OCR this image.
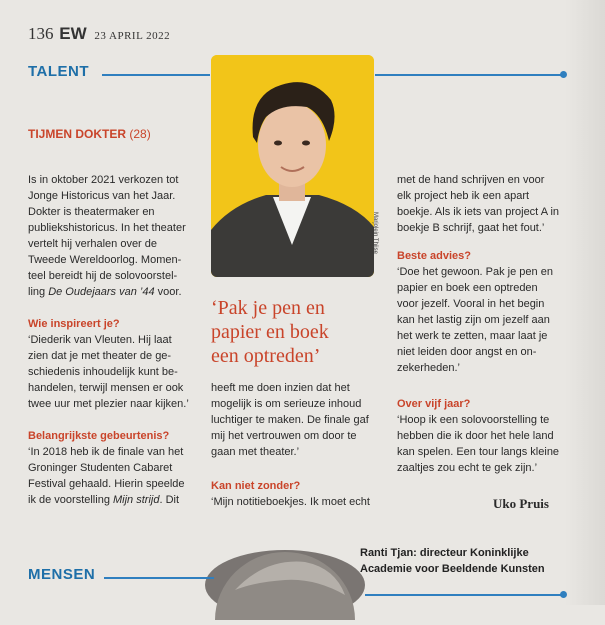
136 EW 23 APRIL 2022
TALENT
Marjolein Thijse
TIJMEN DOKTER (28)

Is in oktober 2021 verkozen tot

Jonge Historicus van het Jaar.

Dokter is theatermaker en

publiekshistoricus. In het theater

vertelt hij verhalen over de

Tweede Wereldoorlog. Momen-

teel bereidt hij de solovoorstel-

ling De Oudejaars van ’44 voor.

Wie inspireert je?

‘Diederik van Vleuten. Hij laat

zien dat je met theater de ge-

schiedenis inhoudelijk kunt be-

handelen, terwijl mensen er ook

twee uur met plezier naar kijken.’

Belangrijkste gebeurtenis?

‘In 2018 heb ik de finale van het

Groninger Studenten Cabaret

Festival gehaald. Hierin speelde

ik de voorstelling Mijn strijd. Dit

‘Pak je pen en
papier en boek
een optreden’

heeft me doen inzien dat het

mogelijk is om serieuze inhoud

luchtiger te maken. De finale gaf

mij het vertrouwen om door te

gaan met theater.’

Kan niet zonder?

‘Mijn notitieboekjes. Ik moet echt

met de hand schrijven en voor

elk project heb ik een apart

boekje. Als ik iets van project A in

boekje B schrijf, gaat het fout.’

Beste advies?

‘Doe het gewoon. Pak je pen en

papier en boek een optreden

voor jezelf. Vooral in het begin

kan het lastig zijn om jezelf aan

het werk te zetten, maar laat je

niet leiden door angst en on-

zekerheden.’

Over vijf jaar?

‘Hoop ik een solovoorstelling te

hebben die ik door het hele land

kan spelen. Een tour langs kleine

zaaltjes zou echt te gek zijn.’

Uko Pruis
Ranti Tjan: directeur Koninklijke
Academie voor Beeldende Kunsten
MENSEN
